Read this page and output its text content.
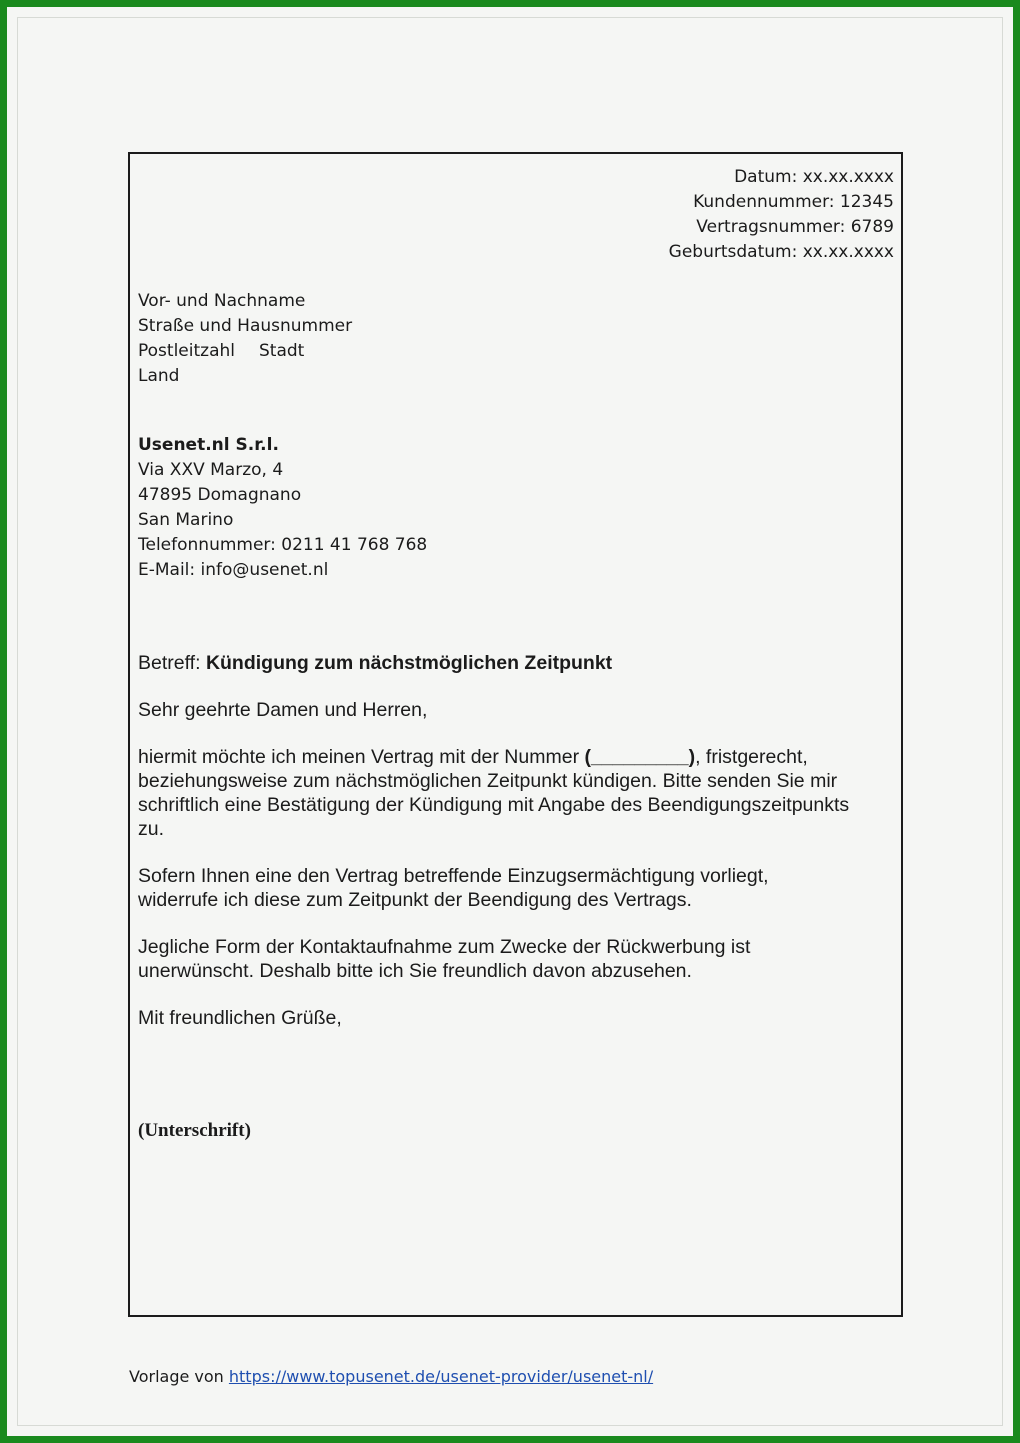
Datum: xx.xx.xxxx
Kundennummer: 12345
Vertragsnummer: 6789
Geburtsdatum: xx.xx.xxxx
Vor- und Nachname
Straße und Hausnummer
Postleitzahl Stadt
Land
Usenet.nl S.r.l.
Via XXV Marzo, 4
47895 Domagnano
San Marino
Telefonnummer: 0211 41 768 768
E-Mail: info@usenet.nl

Betreff: Kündigung zum nächstmöglichen Zeitpunkt

Sehr geehrte Damen und Herren,

hiermit möchte ich meinen Vertrag mit der Nummer (_________), fristgerecht,
beziehungsweise zum nächstmöglichen Zeitpunkt kündigen. Bitte senden Sie mir
schriftlich eine Bestätigung der Kündigung mit Angabe des Beendigungszeitpunkts
zu.

Sofern Ihnen eine den Vertrag betreffende Einzugsermächtigung vorliegt,
widerrufe ich diese zum Zeitpunkt der Beendigung des Vertrags.

Jegliche Form der Kontaktaufnahme zum Zwecke der Rückwerbung ist
unerwünscht. Deshalb bitte ich Sie freundlich davon abzusehen.

Mit freundlichen Grüße,

(Unterschrift)
Vorlage von https://www.topusenet.de/usenet-provider/usenet-nl/
